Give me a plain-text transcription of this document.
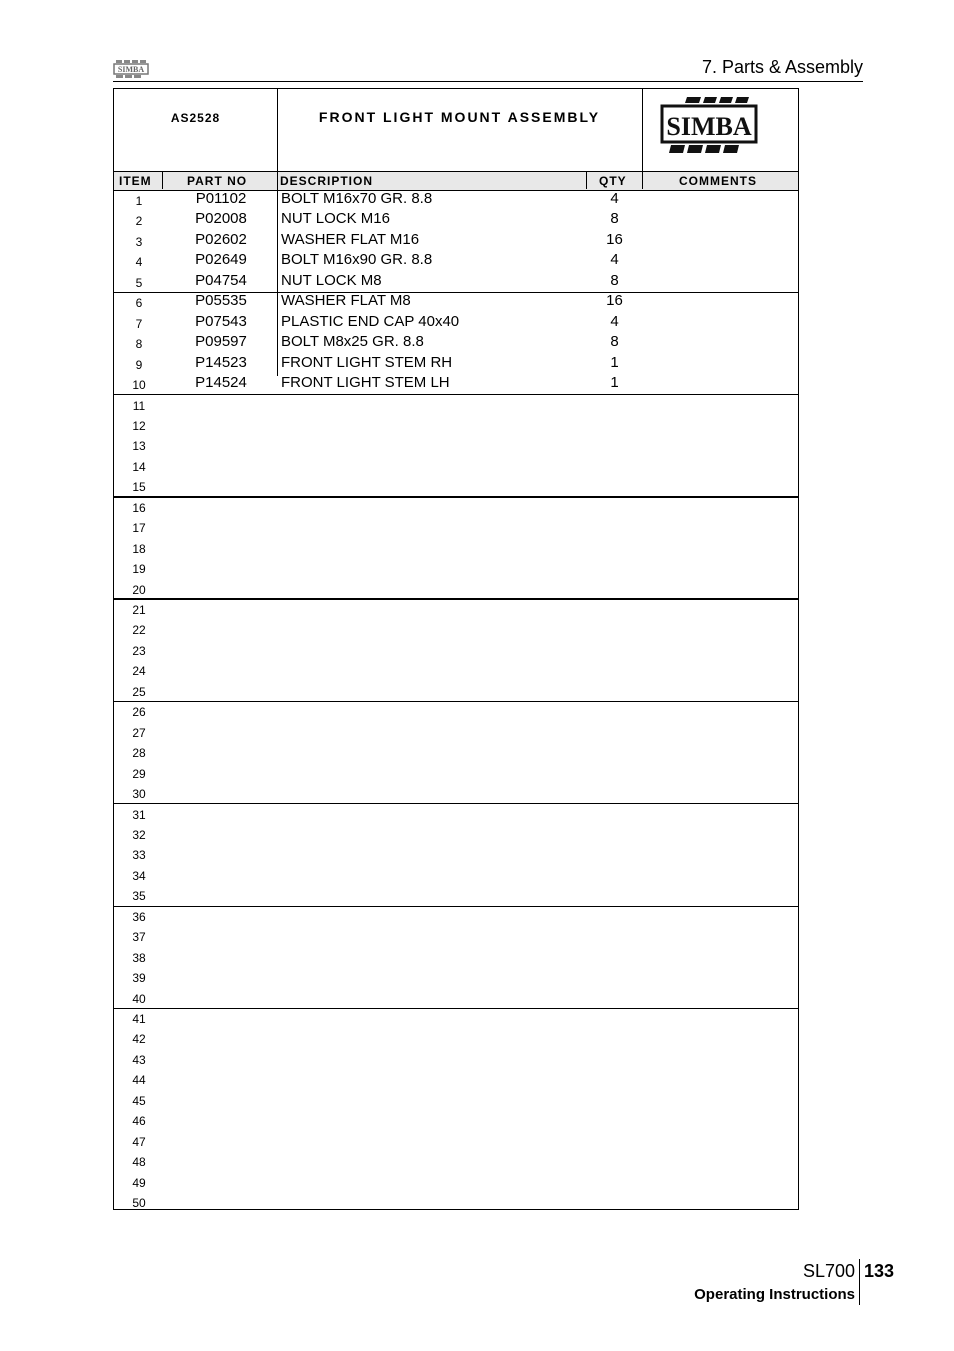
SIMBA	7. Parts & Assembly
AS2528	FRONT LIGHT MOUNT ASSEMBLY	SIMBA
ITEM	PART NO	DESCRIPTION	QTY	COMMENTS
1	P01102	BOLT M16x70 GR. 8.8	4
2	P02008	NUT LOCK M16	8
3	P02602	WASHER FLAT M16	16
4	P02649	BOLT M16x90 GR. 8.8	4
5	P04754	NUT LOCK M8	8
6	P05535	WASHER FLAT M8	16
7	P07543	PLASTIC END CAP 40x40	4
8	P09597	BOLT M8x25 GR. 8.8	8
9	P14523	FRONT LIGHT STEM RH	1
10	P14524	FRONT LIGHT STEM LH	1
11
12
13
14
15
16
17
18
19
20
21
22
23
24
25
26
27
28
29
30
31
32
33
34
35
36
37
38
39
40
41
42
43
44
45
46
47
48
49
50
SL700 133
Operating Instructions
